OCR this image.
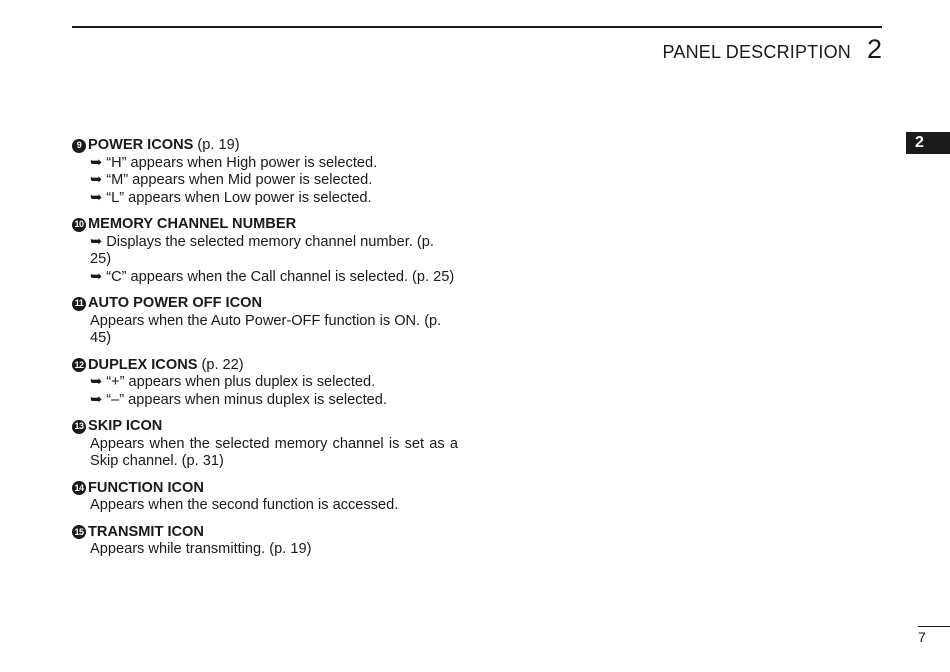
PANEL DESCRIPTION 2
2
9 POWER ICONS (p. 19)
➥ “H” appears when High power is selected.
➥ “M” appears when Mid power is selected.
➥ “L” appears when Low power is selected.
10 MEMORY CHANNEL NUMBER
➥ Displays the selected memory channel number. (p. 25)
➥ “C” appears when the Call channel is selected. (p. 25)
11 AUTO POWER OFF ICON
Appears when the Auto Power-OFF function is ON. (p. 45)
12 DUPLEX ICONS (p. 22)
➥ “+” appears when plus duplex is selected.
➥ “–” appears when minus duplex is selected.
13 SKIP ICON
Appears when the selected memory channel is set as a Skip channel. (p. 31)
14 FUNCTION ICON
Appears when the second function is accessed.
15 TRANSMIT ICON
Appears while transmitting. (p. 19)
7
